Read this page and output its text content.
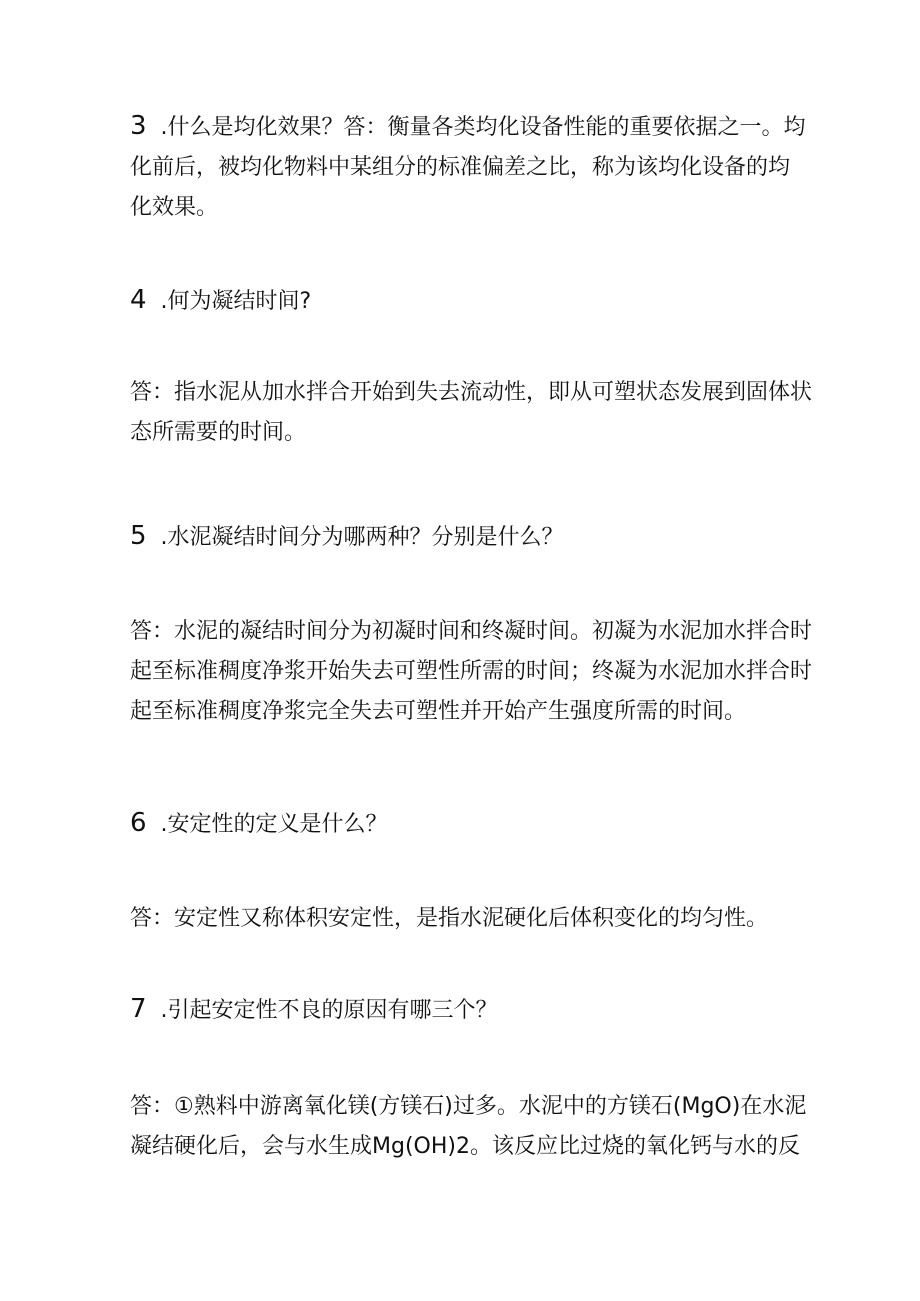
3 .什么是均化效果？答：衡量各类均化设备性能的重要依据之一。均
化前后，被均化物料中某组分的标准偏差之比，称为该均化设备的均
化效果。

4 .何为凝结时间?

答：指水泥从加水拌合开始到失去流动性，即从可塑状态发展到固体状
态所需要的时间。

5 .水泥凝结时间分为哪两种？分别是什么？

答：水泥的凝结时间分为初凝时间和终凝时间。初凝为水泥加水拌合时
起至标准稠度净浆开始失去可塑性所需的时间；终凝为水泥加水拌合时
起至标准稠度净浆完全失去可塑性并开始产生强度所需的时间。

6 .安定性的定义是什么？

答：安定性又称体积安定性，是指水泥硬化后体积变化的均匀性。

7 .引起安定性不良的原因有哪三个？

答：①熟料中游离氧化镁(方镁石)过多。水泥中的方镁石(MgO)在水泥
凝结硬化后，会与水生成Mg(OH)2。该反应比过烧的氧化钙与水的反
